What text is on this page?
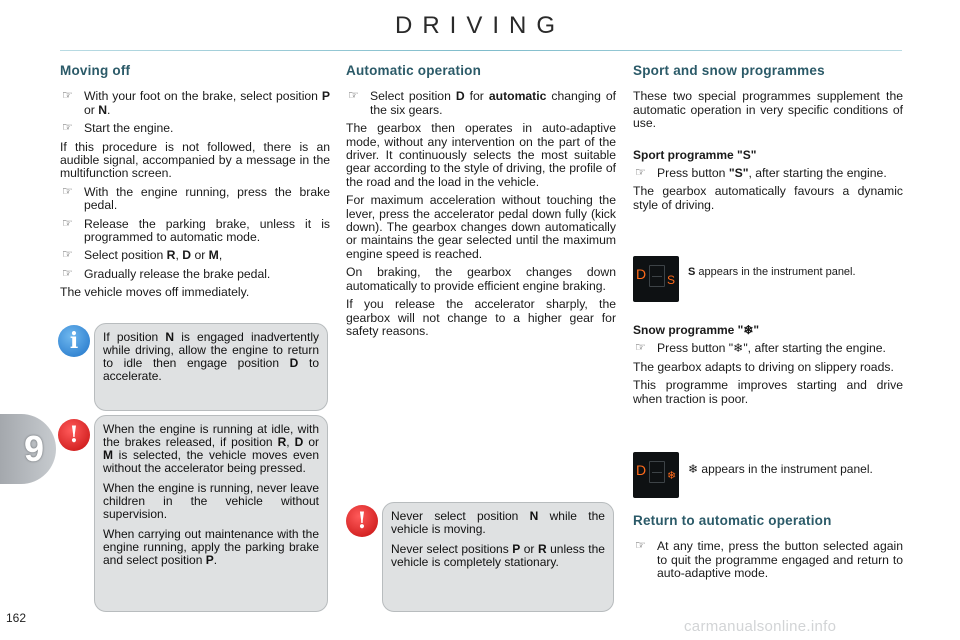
DRIVING
9
162	carmanualsonline.info
Moving off
☞ With your foot on the brake, select position P or N.
☞ Start the engine.

If this procedure is not followed, there is an audible signal, accompanied by a message in the multifunction screen.

☞ With the engine running, press the brake pedal.
☞ Release the parking brake, unless it is programmed to automatic mode.
☞ Select position R, D or M,
☞ Gradually release the brake pedal.

The vehicle moves off immediately.

i	If position N is engaged inadvertently while driving, allow the engine to return to idle then engage position D to accelerate.

!	When the engine is running at idle, with the brakes released, if position R, D or M is selected, the vehicle moves even without the accelerator being pressed.

When the engine is running, never leave children in the vehicle without supervision.

When carrying out maintenance with the engine running, apply the parking brake and select position P.

Automatic operation
☞ Select position D for automatic changing of the six gears.

The gearbox then operates in auto-adaptive mode, without any intervention on the part of the driver. It continuously selects the most suitable gear according to the style of driving, the profile of the road and the load in the vehicle.

For maximum acceleration without touching the lever, press the accelerator pedal down fully (kick down). The gearbox changes down automatically or maintains the gear selected until the maximum engine speed is reached.

On braking, the gearbox changes down automatically to provide efficient engine braking.

If you release the accelerator sharply, the gearbox will not change to a higher gear for safety reasons.

!	Never select position N while the vehicle is moving.

Never select positions P or R unless the vehicle is completely stationary.

Sport and snow programmes

These two special programmes supplement the automatic operation in very specific conditions of use.

Sport programme "S"
☞ Press button "S", after starting the engine.

The gearbox automatically favours a dynamic style of driving.

D S
S appears in the instrument panel.
Snow programme "❄"
☞ Press button "❄", after starting the engine.

The gearbox adapts to driving on slippery roads.

This programme improves starting and drive when traction is poor.

D ❄ ❄ appears in the instrument panel.
Return to automatic operation
☞ At any time, press the button selected again to quit the programme engaged and return to auto-adaptive mode.
